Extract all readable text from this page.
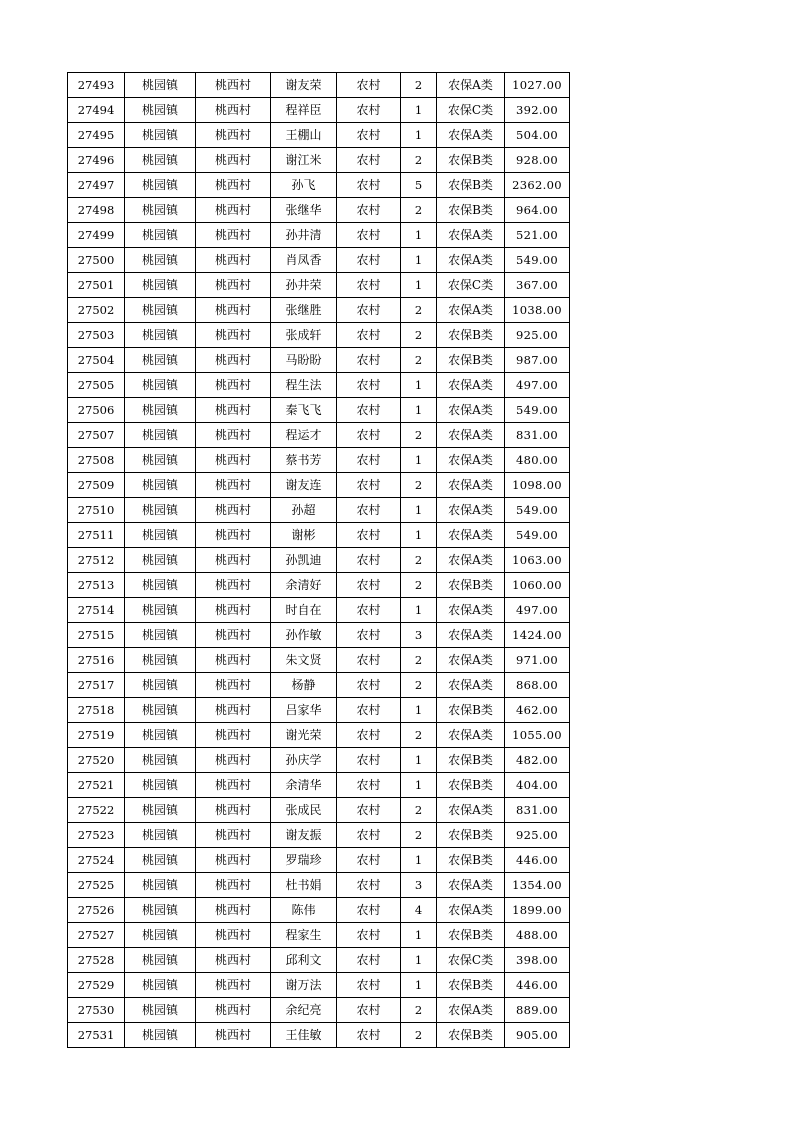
27493	桃园镇	桃西村	谢友荣	农村	2	农保A类	1027.00
27494	桃园镇	桃西村	程祥臣	农村	1	农保C类	392.00
27495	桃园镇	桃西村	王棚山	农村	1	农保A类	504.00
27496	桃园镇	桃西村	谢江米	农村	2	农保B类	928.00
27497	桃园镇	桃西村	孙飞	农村	5	农保B类	2362.00
27498	桃园镇	桃西村	张继华	农村	2	农保B类	964.00
27499	桃园镇	桃西村	孙井清	农村	1	农保A类	521.00
27500	桃园镇	桃西村	肖凤香	农村	1	农保A类	549.00
27501	桃园镇	桃西村	孙井荣	农村	1	农保C类	367.00
27502	桃园镇	桃西村	张继胜	农村	2	农保A类	1038.00
27503	桃园镇	桃西村	张成轩	农村	2	农保B类	925.00
27504	桃园镇	桃西村	马盼盼	农村	2	农保B类	987.00
27505	桃园镇	桃西村	程生法	农村	1	农保A类	497.00
27506	桃园镇	桃西村	秦飞飞	农村	1	农保A类	549.00
27507	桃园镇	桃西村	程运才	农村	2	农保A类	831.00
27508	桃园镇	桃西村	蔡书芳	农村	1	农保A类	480.00
27509	桃园镇	桃西村	谢友连	农村	2	农保A类	1098.00
27510	桃园镇	桃西村	孙超	农村	1	农保A类	549.00
27511	桃园镇	桃西村	谢彬	农村	1	农保A类	549.00
27512	桃园镇	桃西村	孙凯迪	农村	2	农保A类	1063.00
27513	桃园镇	桃西村	余清好	农村	2	农保B类	1060.00
27514	桃园镇	桃西村	时自在	农村	1	农保A类	497.00
27515	桃园镇	桃西村	孙作敏	农村	3	农保A类	1424.00
27516	桃园镇	桃西村	朱文贤	农村	2	农保A类	971.00
27517	桃园镇	桃西村	杨静	农村	2	农保A类	868.00
27518	桃园镇	桃西村	吕家华	农村	1	农保B类	462.00
27519	桃园镇	桃西村	谢光荣	农村	2	农保A类	1055.00
27520	桃园镇	桃西村	孙庆学	农村	1	农保B类	482.00
27521	桃园镇	桃西村	余清华	农村	1	农保B类	404.00
27522	桃园镇	桃西村	张成民	农村	2	农保A类	831.00
27523	桃园镇	桃西村	谢友振	农村	2	农保B类	925.00
27524	桃园镇	桃西村	罗瑞珍	农村	1	农保B类	446.00
27525	桃园镇	桃西村	杜书娟	农村	3	农保A类	1354.00
27526	桃园镇	桃西村	陈伟	农村	4	农保A类	1899.00
27527	桃园镇	桃西村	程家生	农村	1	农保B类	488.00
27528	桃园镇	桃西村	邱利文	农村	1	农保C类	398.00
27529	桃园镇	桃西村	谢万法	农村	1	农保B类	446.00
27530	桃园镇	桃西村	余纪亮	农村	2	农保A类	889.00
27531	桃园镇	桃西村	王佳敏	农村	2	农保B类	905.00
